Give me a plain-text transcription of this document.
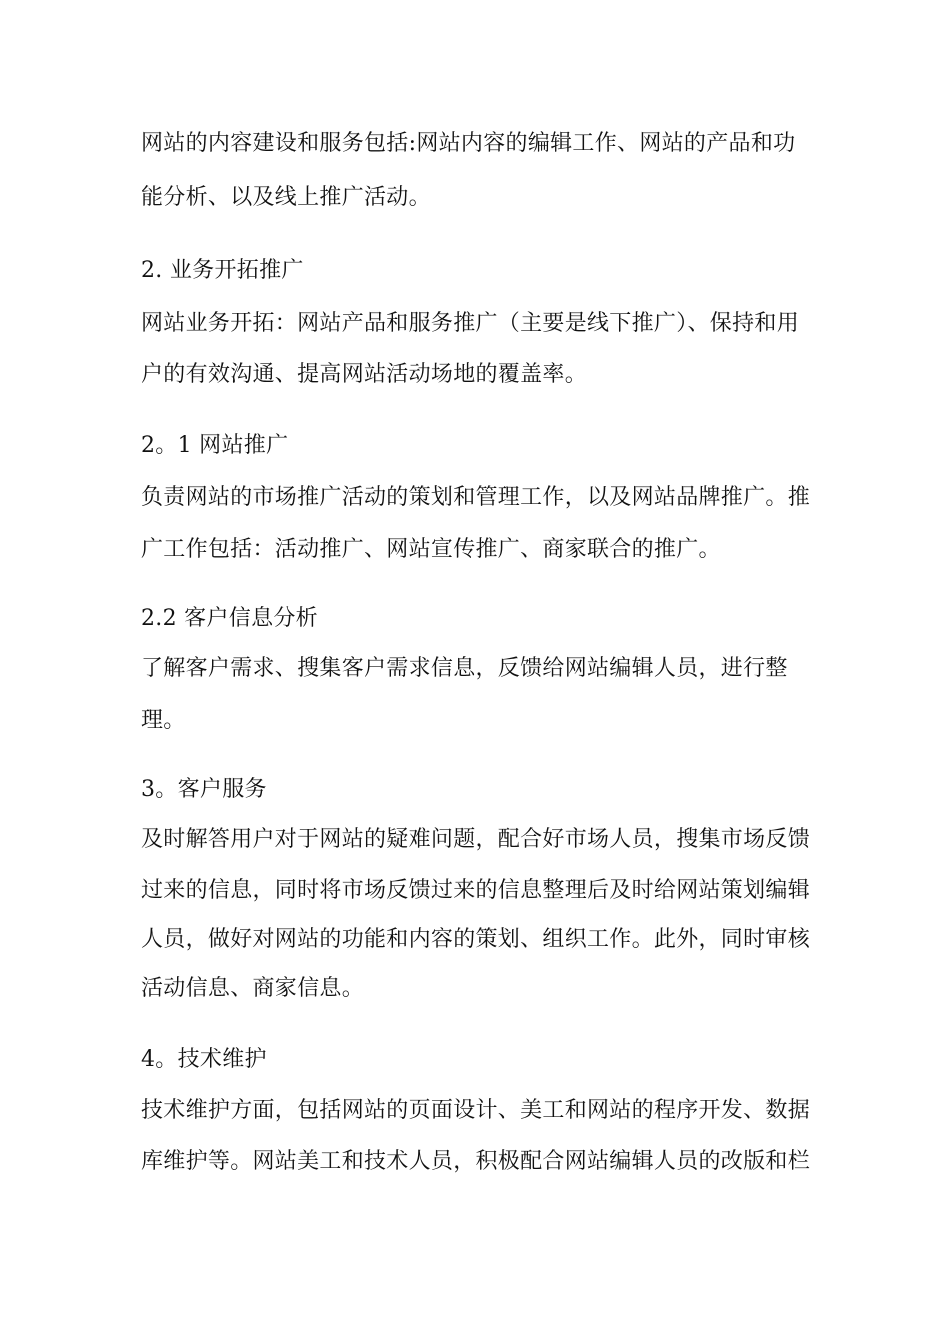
网站的内容建设和服务包括:网站内容的编辑工作、网站的产品和功
能分析、以及线上推广活动。
2. 业务开拓推广
网站业务开拓：网站产品和服务推广（主要是线下推广）、保持和用
户的有效沟通、提高网站活动场地的覆盖率。
2。1 网站推广
负责网站的市场推广活动的策划和管理工作，以及网站品牌推广。推
广工作包括：活动推广、网站宣传推广、商家联合的推广。
2.2 客户信息分析
了解客户需求、搜集客户需求信息，反馈给网站编辑人员，进行整
理。
3。客户服务
及时解答用户对于网站的疑难问题，配合好市场人员，搜集市场反馈
过来的信息，同时将市场反馈过来的信息整理后及时给网站策划编辑
人员，做好对网站的功能和内容的策划、组织工作。此外，同时审核
活动信息、商家信息。
4。技术维护
技术维护方面，包括网站的页面设计、美工和网站的程序开发、数据
库维护等。网站美工和技术人员，积极配合网站编辑人员的改版和栏
